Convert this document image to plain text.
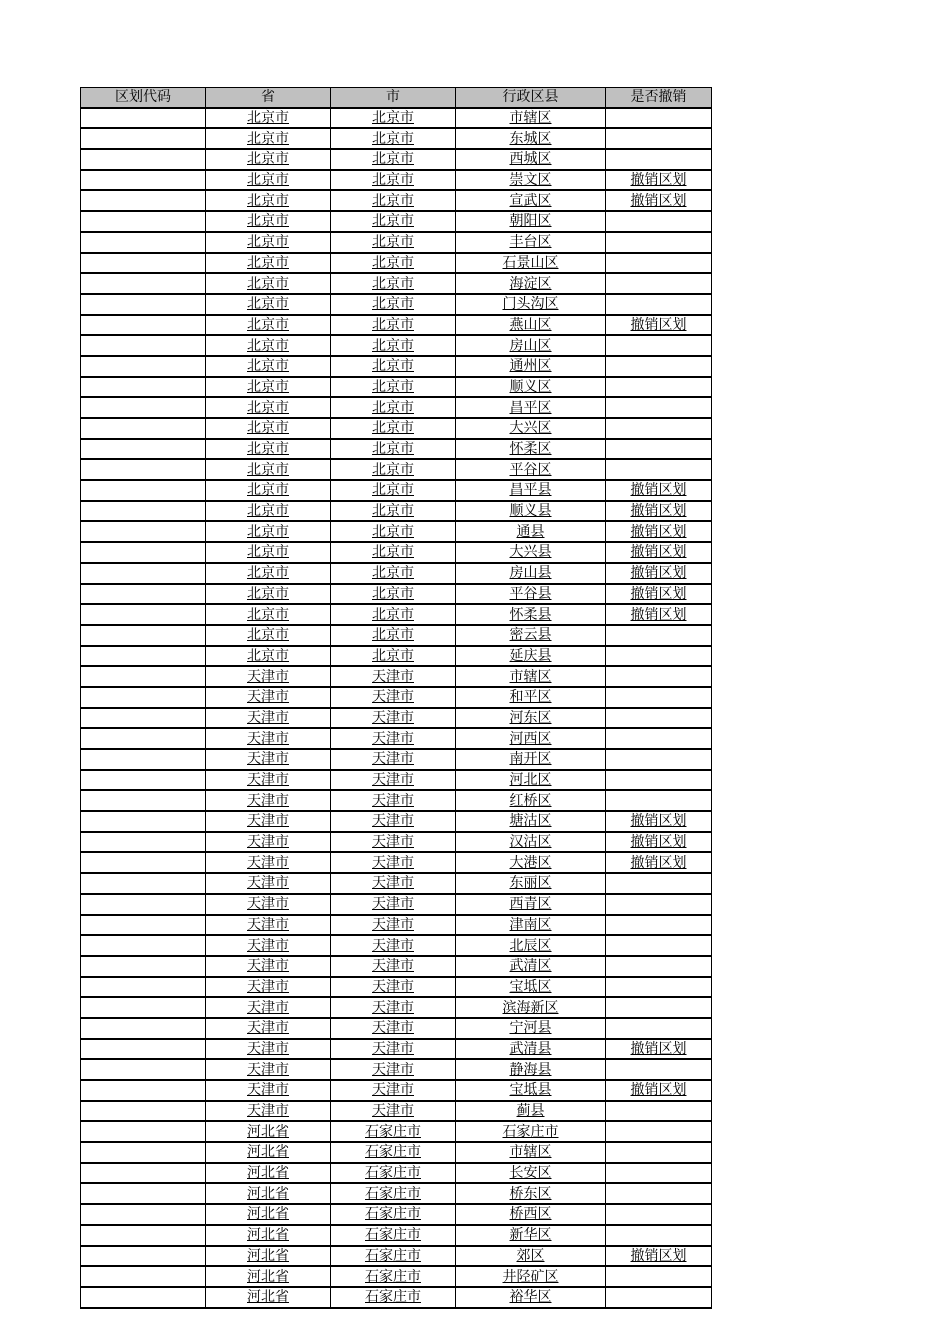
区划代码	省	市	行政区县	是否撤销
	北京市	北京市	市辖区	
	北京市	北京市	东城区	
	北京市	北京市	西城区	
	北京市	北京市	崇文区	撤销区划
	北京市	北京市	宣武区	撤销区划
	北京市	北京市	朝阳区	
	北京市	北京市	丰台区	
	北京市	北京市	石景山区	
	北京市	北京市	海淀区	
	北京市	北京市	门头沟区	
	北京市	北京市	燕山区	撤销区划
	北京市	北京市	房山区	
	北京市	北京市	通州区	
	北京市	北京市	顺义区	
	北京市	北京市	昌平区	
	北京市	北京市	大兴区	
	北京市	北京市	怀柔区	
	北京市	北京市	平谷区	
	北京市	北京市	昌平县	撤销区划
	北京市	北京市	顺义县	撤销区划
	北京市	北京市	通县	撤销区划
	北京市	北京市	大兴县	撤销区划
	北京市	北京市	房山县	撤销区划
	北京市	北京市	平谷县	撤销区划
	北京市	北京市	怀柔县	撤销区划
	北京市	北京市	密云县	
	北京市	北京市	延庆县	
	天津市	天津市	市辖区	
	天津市	天津市	和平区	
	天津市	天津市	河东区	
	天津市	天津市	河西区	
	天津市	天津市	南开区	
	天津市	天津市	河北区	
	天津市	天津市	红桥区	
	天津市	天津市	塘沽区	撤销区划
	天津市	天津市	汉沽区	撤销区划
	天津市	天津市	大港区	撤销区划
	天津市	天津市	东丽区	
	天津市	天津市	西青区	
	天津市	天津市	津南区	
	天津市	天津市	北辰区	
	天津市	天津市	武清区	
	天津市	天津市	宝坻区	
	天津市	天津市	滨海新区	
	天津市	天津市	宁河县	
	天津市	天津市	武清县	撤销区划
	天津市	天津市	静海县	
	天津市	天津市	宝坻县	撤销区划
	天津市	天津市	蓟县	
	河北省	石家庄市	石家庄市	
	河北省	石家庄市	市辖区	
	河北省	石家庄市	长安区	
	河北省	石家庄市	桥东区	
	河北省	石家庄市	桥西区	
	河北省	石家庄市	新华区	
	河北省	石家庄市	郊区	撤销区划
	河北省	石家庄市	井陉矿区	
	河北省	石家庄市	裕华区	
